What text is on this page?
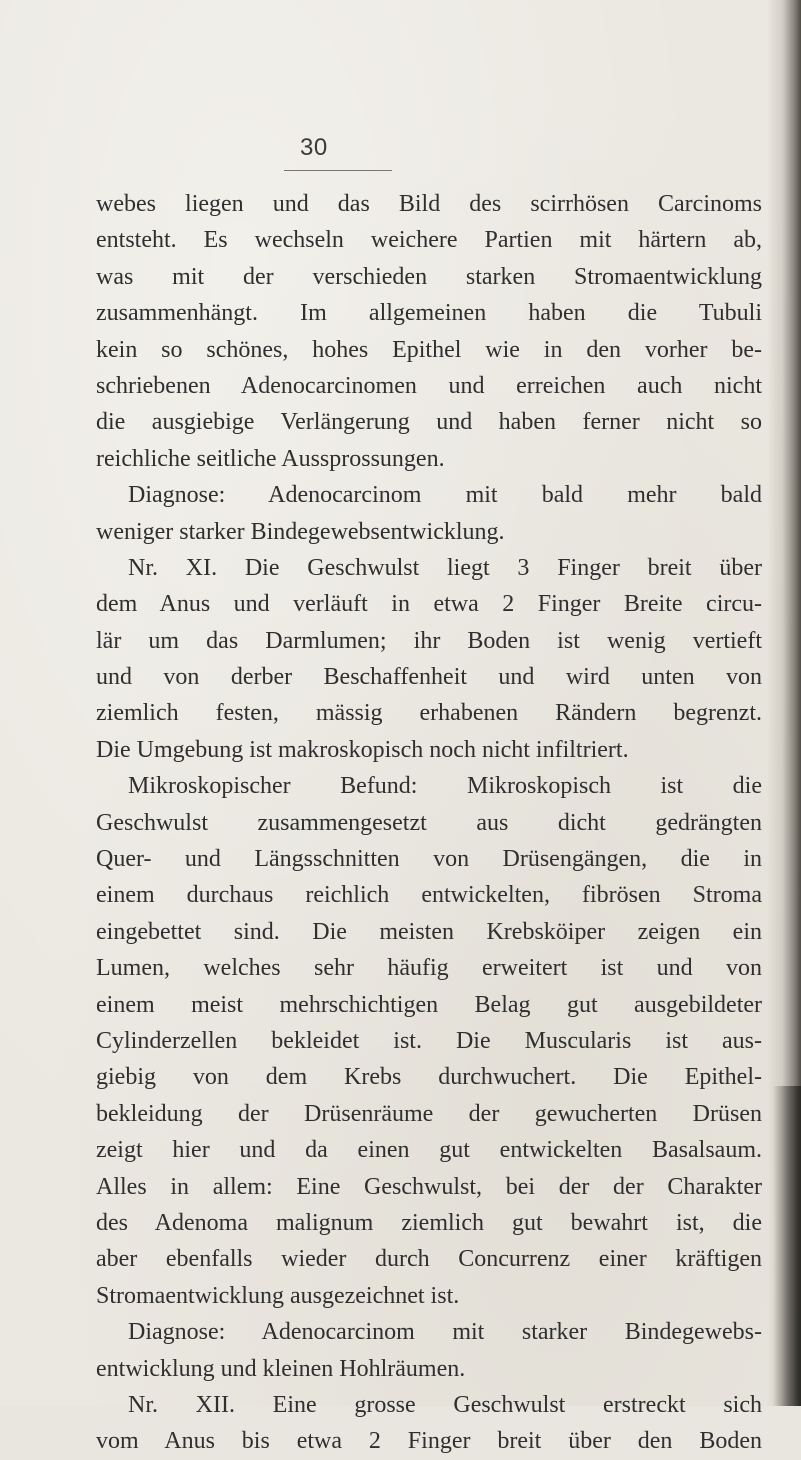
30
webes liegen und das Bild des scirrhösen Carcinoms
entsteht. Es wechseln weichere Partien mit härtern ab,
was mit der verschieden starken Stromaentwicklung
zusammenhängt. Im allgemeinen haben die Tubuli
kein so schönes, hohes Epithel wie in den vorher be-
schriebenen Adenocarcinomen und erreichen auch nicht
die ausgiebige Verlängerung und haben ferner nicht so
reichliche seitliche Aussprossungen.
Diagnose: Adenocarcinom mit bald mehr bald
weniger starker Bindegewebsentwicklung.
Nr. XI. Die Geschwulst liegt 3 Finger breit über
dem Anus und verläuft in etwa 2 Finger Breite circu-
lär um das Darmlumen; ihr Boden ist wenig vertieft
und von derber Beschaffenheit und wird unten von
ziemlich festen, mässig erhabenen Rändern begrenzt.
Die Umgebung ist makroskopisch noch nicht infiltriert.
Mikroskopischer Befund: Mikroskopisch ist die
Geschwulst zusammengesetzt aus dicht gedrängten
Quer- und Längsschnitten von Drüsengängen, die in
einem durchaus reichlich entwickelten, fibrösen Stroma
eingebettet sind. Die meisten Krebsköiper zeigen ein
Lumen, welches sehr häufig erweitert ist und von
einem meist mehrschichtigen Belag gut ausgebildeter
Cylinderzellen bekleidet ist. Die Muscularis ist aus-
giebig von dem Krebs durchwuchert. Die Epithel-
bekleidung der Drüsenräume der gewucherten Drüsen
zeigt hier und da einen gut entwickelten Basalsaum.
Alles in allem: Eine Geschwulst, bei der der Charakter
des Adenoma malignum ziemlich gut bewahrt ist, die
aber ebenfalls wieder durch Concurrenz einer kräftigen
Stromaentwicklung ausgezeichnet ist.
Diagnose: Adenocarcinom mit starker Bindegewebs-
entwicklung und kleinen Hohlräumen.
Nr. XII. Eine grosse Geschwulst erstreckt sich
vom Anus bis etwa 2 Finger breit über den Boden
